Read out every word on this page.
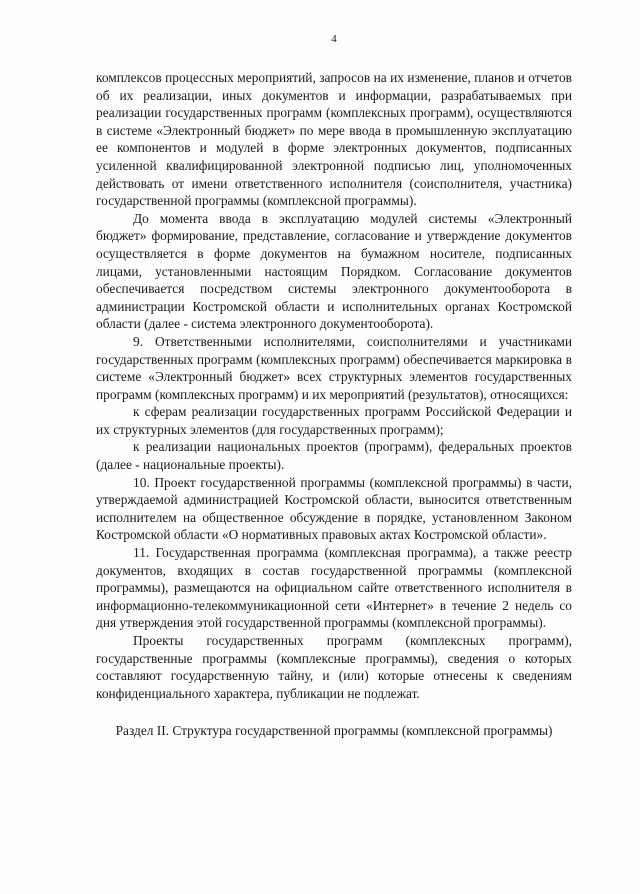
4

комплексов процессных мероприятий, запросов на их изменение, планов и отчетов об их реализации, иных документов и информации, разрабатываемых при реализации государственных программ (комплексных программ), осуществляются в системе «Электронный бюджет» по мере ввода в промышленную эксплуатацию ее компонентов и модулей в форме электронных документов, подписанных усиленной квалифицированной электронной подписью лиц, уполномоченных действовать от имени ответственного исполнителя (соисполнителя, участника) государственной программы (комплексной программы).

До момента ввода в эксплуатацию модулей системы «Электронный бюджет» формирование, представление, согласование и утверждение документов осуществляется в форме документов на бумажном носителе, подписанных лицами, установленными настоящим Порядком. Согласование документов обеспечивается посредством системы электронного документооборота в администрации Костромской области и исполнительных органах Костромской области (далее - система электронного документооборота).

9. Ответственными исполнителями, соисполнителями и участниками государственных программ (комплексных программ) обеспечивается маркировка в системе «Электронный бюджет» всех структурных элементов государственных программ (комплексных программ) и их мероприятий (результатов), относящихся:

к сферам реализации государственных программ Российской Федерации и их структурных элементов (для государственных программ);

к реализации национальных проектов (программ), федеральных проектов (далее - национальные проекты).

10. Проект государственной программы (комплексной программы) в части, утверждаемой администрацией Костромской области, выносится ответственным исполнителем на общественное обсуждение в порядке, установленном Законом Костромской области «О нормативных правовых актах Костромской области».

11. Государственная программа (комплексная программа), а также реестр документов, входящих в состав государственной программы (комплексной программы), размещаются на официальном сайте ответственного исполнителя в информационно-телекоммуникационной сети «Интернет» в течение 2 недель со дня утверждения этой государственной программы (комплексной программы).

Проекты государственных программ (комплексных программ), государственные программы (комплексные программы), сведения о которых составляют государственную тайну, и (или) которые отнесены к сведениям конфиденциального характера, публикации не подлежат.

Раздел II. Структура государственной программы (комплексной программы)
